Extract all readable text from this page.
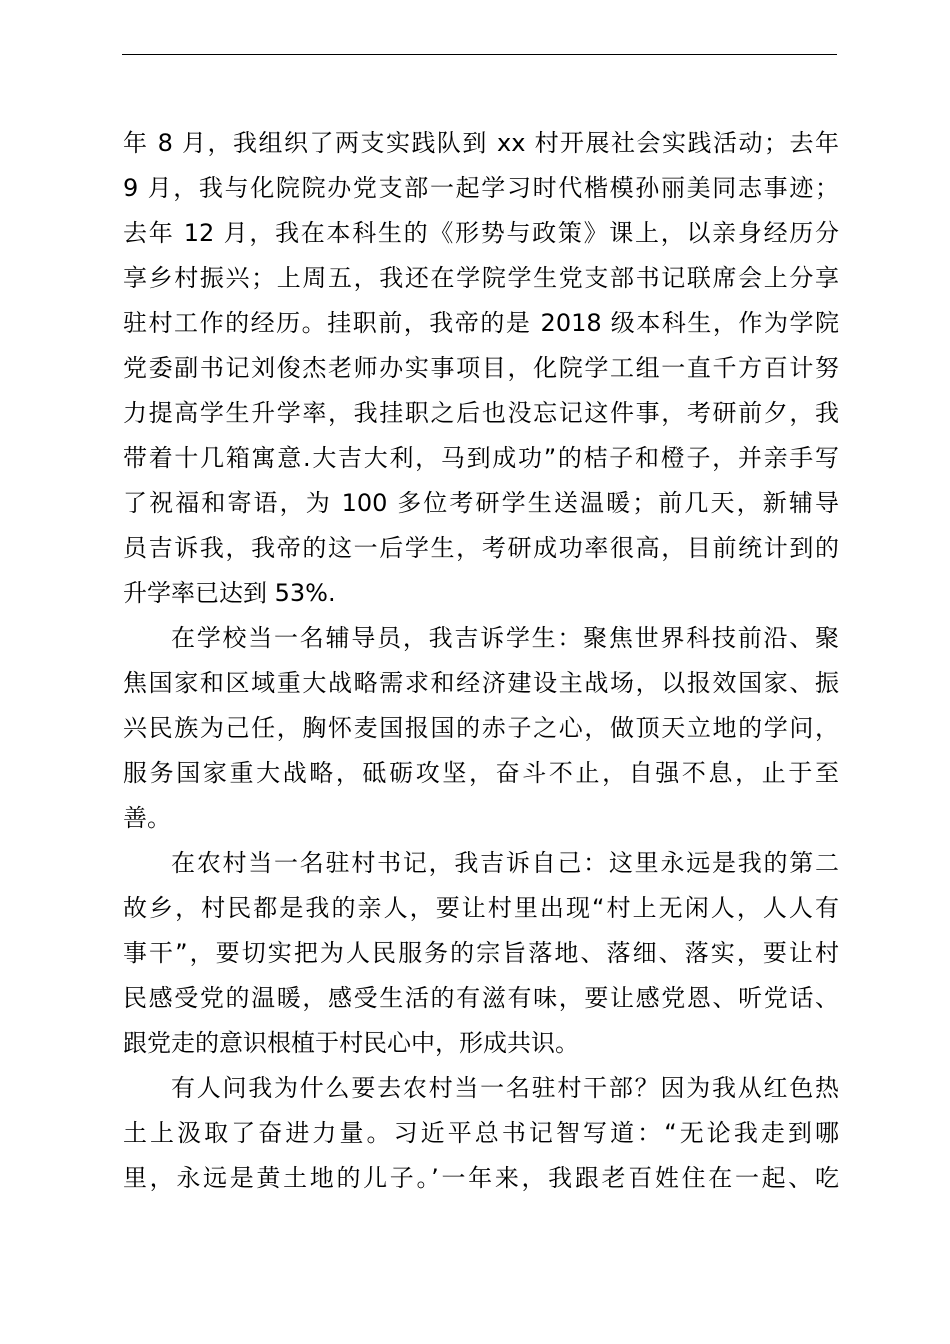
年 8 月，我组织了两支实践队到 xx 村开展社会实践活动；去年
9 月，我与化院院办党支部一起学习时代楷模孙丽美同志事迹；
去年 12 月，我在本科生的《形势与政策》课上，以亲身经历分
享乡村振兴；上周五，我还在学院学生党支部书记联席会上分享
驻村工作的经历。挂职前，我帝的是 2018 级本科生，作为学院
党委副书记刘俊杰老师办实事项目，化院学工组一直千方百计努
力提高学生升学率，我挂职之后也没忘记这件事，考研前夕，我
带着十几箱寓意.大吉大利，马到成功”的桔子和橙子，并亲手写
了祝福和寄语，为 100 多位考研学生送温暖；前几天，新辅导
员吉诉我，我帝的这一后学生，考研成功率很高，目前统计到的
升学率已达到 53%.
在学校当一名辅导员，我吉诉学生：聚焦世界科技前沿、聚
焦国家和区域重大战略需求和经济建设主战场，以报效国家、振
兴民族为己任，胸怀麦国报国的赤子之心，做顶天立地的学问，
服务国家重大战略，砥砺攻坚，奋斗不止，自强不息，止于至
善。
在农村当一名驻村书记，我吉诉自己：这里永远是我的第二
故乡，村民都是我的亲人，要让村里出现“村上无闲人，人人有
事干”，要切实把为人民服务的宗旨落地、落细、落实，要让村
民感受党的温暖，感受生活的有滋有味，要让感党恩、听党话、
跟党走的意识根植于村民心中，形成共识。
有人问我为什么要去农村当一名驻村干部？因为我从红色热
土上汲取了奋进力量。习近平总书记智写道：“无论我走到哪
里，永远是黄土地的儿子。’一年来，我跟老百姓住在一起、吃
